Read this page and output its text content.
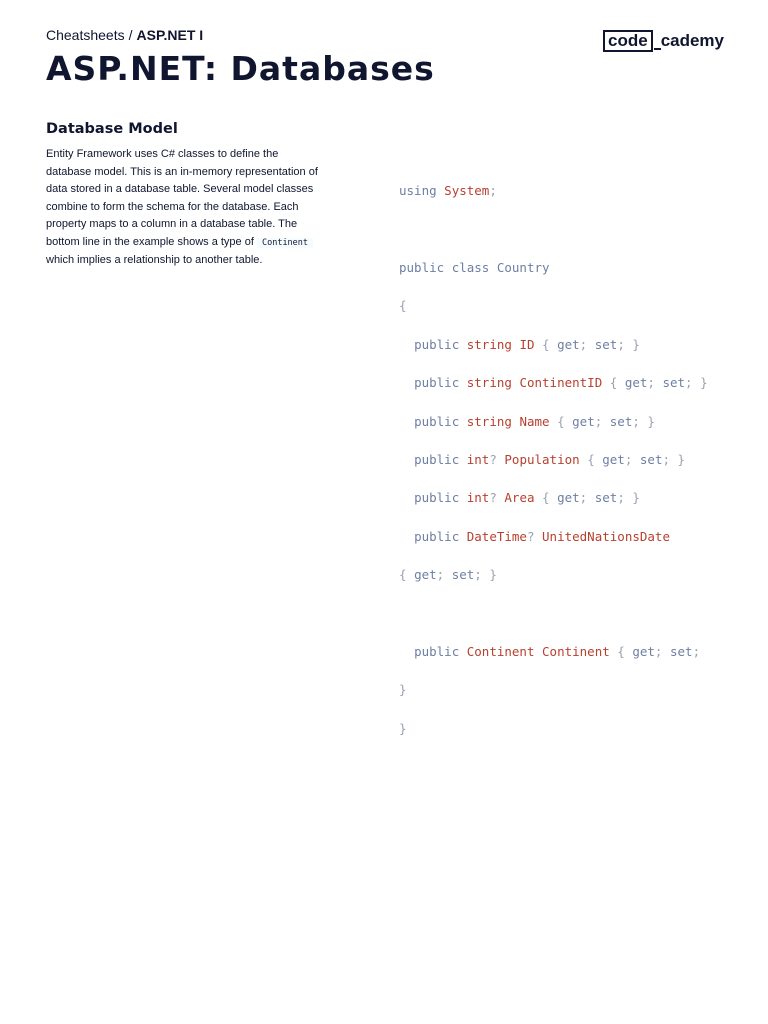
Cheatsheets / ASP.NET I	code cademy
ASP.NET: Databases
Database Model

Entity Framework uses C# classes to define the database model. This is an in-memory representation of data stored in a database table. Several model classes combine to form the schema for the database. Each property maps to a column in a database table. The bottom line in the example shows a type of Continent which implies a relationship to another table.

using System;

public class Country

{

public string ID { get; set; }

public string ContinentID { get; set; }

public string Name { get; set; }

public int? Population { get; set; }

public int? Area { get; set; }

public DateTime? UnitedNationsDate

{ get; set; }

public Continent Continent { get; set;

}

}
